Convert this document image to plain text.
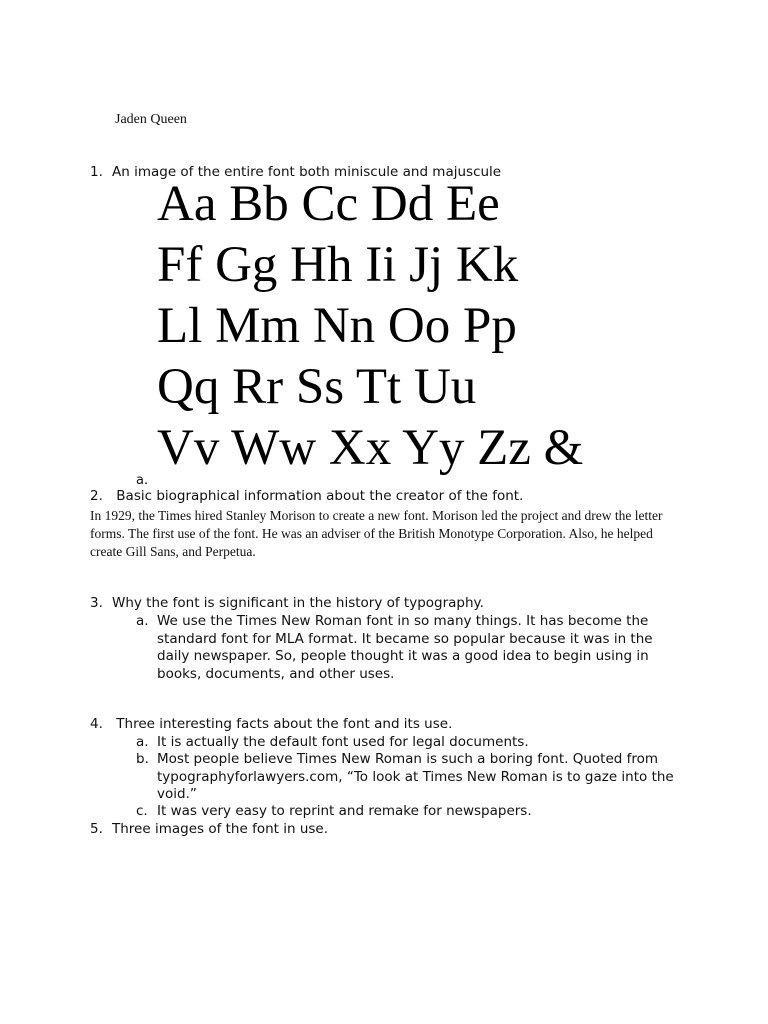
Jaden Queen
1. An image of the entire font both miniscule and majuscule
Aa Bb Cc Dd Ee
Ff Gg Hh Ii Jj Kk
Ll Mm Nn Oo Pp
Qq Rr Ss Tt Uu
Vv Ww Xx Yy Zz &
a.
2. Basic biographical information about the creator of the font.
In 1929, the Times hired Stanley Morison to create a new font. Morison led the project and drew the letter forms. The first use of the font. He was an adviser of the British Monotype Corporation. Also, he helped create Gill Sans, and Perpetua.
3. Why the font is significant in the history of typography.
a. We use the Times New Roman font in so many things. It has become the standard font for MLA format. It became so popular because it was in the daily newspaper. So, people thought it was a good idea to begin using in books, documents, and other uses.
4. Three interesting facts about the font and its use.
a. It is actually the default font used for legal documents.
b. Most people believe Times New Roman is such a boring font. Quoted from typographyforlawyers.com, “To look at Times New Roman is to gaze into the void.”
c. It was very easy to reprint and remake for newspapers.
5. Three images of the font in use.
